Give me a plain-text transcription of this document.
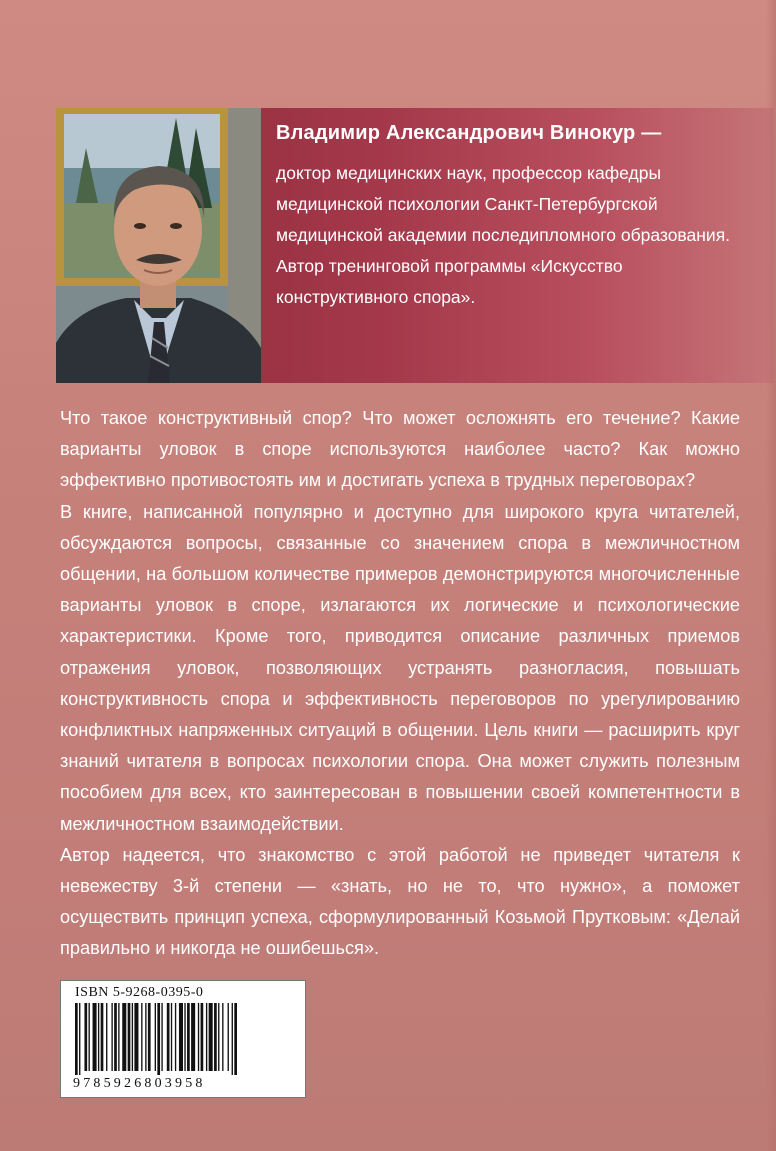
Владимир Александрович Винокур —
доктор медицинских наук, профессор кафедры
медицинской психологии Санкт-Петербургской
медицинской академии последипломного образования.
Автор тренинговой программы «Искусство
конструктивного спора».

Что такое конструктивный спор? Что может осложнять его течение? Какие варианты уловок в споре используются наиболее часто? Как можно эффективно противостоять им и достигать успеха в трудных переговорах?

В книге, написанной популярно и доступно для широкого круга читателей, обсуждаются вопросы, связанные со значением спора в межличностном общении, на большом количестве примеров демонстрируются многочисленные варианты уловок в споре, излагаются их логические и психологические характеристики. Кроме того, приводится описание различных приемов отражения уловок, позволяющих устранять разногласия, повышать конструктивность спора и эффективность переговоров по урегулированию конфликтных напряженных ситуаций в общении. Цель книги — расширить круг знаний читателя в вопросах психологии спора. Она может служить полезным пособием для всех, кто заинтересован в повышении своей компетентности в межличностном взаимодействии.

Автор надеется, что знакомство с этой работой не приведет читателя к невежеству 3-й степени — «знать, но не то, что нужно», а поможет осуществить принцип успеха, сформулированный Козьмой Прутковым: «Делай правильно и никогда не ошибешься».

ISBN 5-9268-0395-0
9785926803958
